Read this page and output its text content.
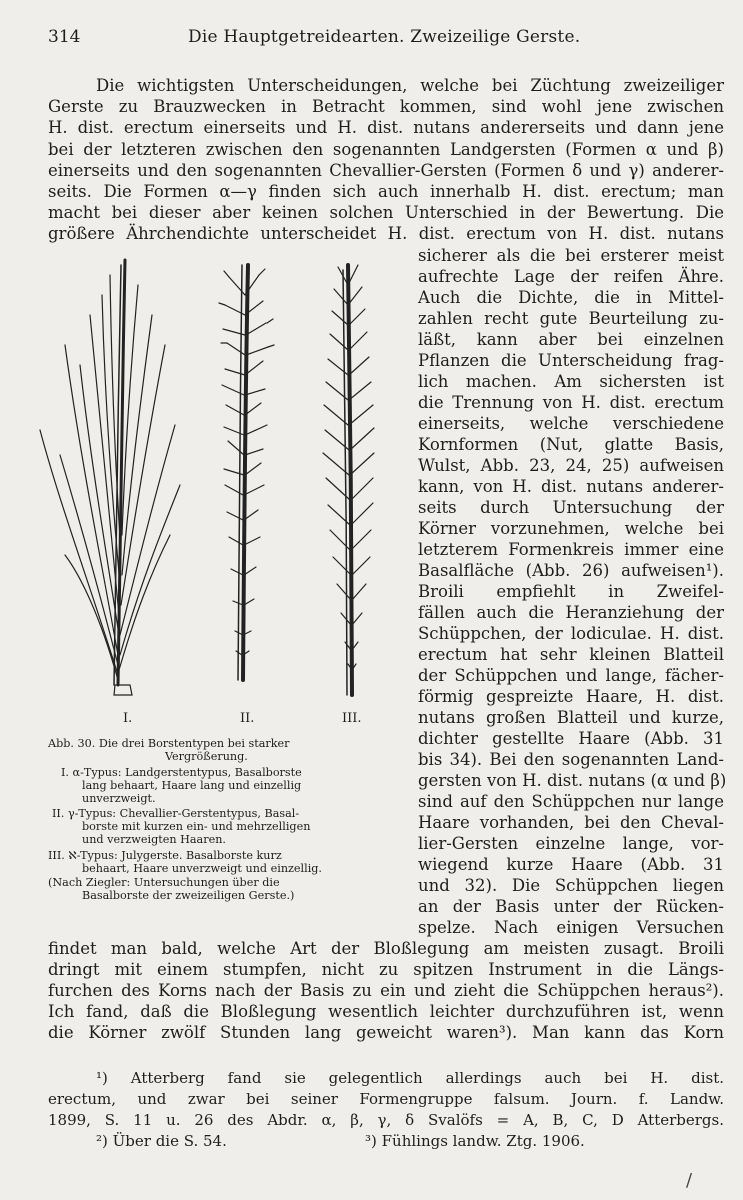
314	Die Hauptgetreidearten. Zweizeilige Gerste.
Die wichtigsten Unterscheidungen, welche bei Züchtung zweizeiliger
Gerste zu Brauzwecken in Betracht kommen, sind wohl jene zwischen
H. dist. erectum einerseits und H. dist. nutans andererseits und dann jene
bei der letzteren zwischen den sogenannten Landgersten (Formen α und β)
einerseits und den sogenannten Chevallier-Gersten (Formen δ und γ) anderer-
seits. Die Formen α—γ finden sich auch innerhalb H. dist. erectum; man
macht bei dieser aber keinen solchen Unterschied in der Bewertung. Die
größere Ährchendichte unterscheidet H. dist. erectum von H. dist. nutans
sicherer als die bei ersterer meist
aufrechte Lage der reifen Ähre.
Auch die Dichte, die in Mittel-
zahlen recht gute Beurteilung zu-
läßt, kann aber bei einzelnen
Pflanzen die Unterscheidung frag-
lich machen. Am sichersten ist
die Trennung von H. dist. erectum
einerseits, welche verschiedene
Kornformen (Nut, glatte Basis,
Wulst, Abb. 23, 24, 25) aufweisen
kann, von H. dist. nutans anderer-
seits durch Untersuchung der
Körner vorzunehmen, welche bei
letzterem Formenkreis immer eine
Basalfläche (Abb. 26) aufweisen¹).
Broili empfiehlt in Zweifel-
fällen auch die Heranziehung der
Schüppchen, der lodiculae. H. dist.
erectum hat sehr kleinen Blatteil
der Schüppchen und lange, fächer-
förmig gespreizte Haare, H. dist.
nutans großen Blatteil und kurze,
dichter gestellte Haare (Abb. 31
bis 34). Bei den sogenannten Land-
gersten von H. dist. nutans (α und β)
sind auf den Schüppchen nur lange
Haare vorhanden, bei den Cheval-
lier-Gersten einzelne lange, vor-
wiegend kurze Haare (Abb. 31
und 32). Die Schüppchen liegen
an der Basis unter der Rücken-
spelze. Nach einigen Versuchen
I.	II.	III.
Abb. 30. Die drei Borstentypen bei starker
Vergrößerung.
I. α-Typus: Landgerstentypus, Basalborste
lang behaart, Haare lang und einzellig
unverzweigt.
II. γ-Typus: Chevallier-Gerstentypus, Basal-
borste mit kurzen ein- und mehrzelligen
und verzweigten Haaren.
III. ℵ-Typus: Julygerste. Basalborste kurz
behaart, Haare unverzweigt und einzellig.
(Nach Ziegler: Untersuchungen über die
Basalborste der zweizeiligen Gerste.)
findet man bald, welche Art der Bloßlegung am meisten zusagt. Broili
dringt mit einem stumpfen, nicht zu spitzen Instrument in die Längs-
furchen des Korns nach der Basis zu ein und zieht die Schüppchen heraus²).
Ich fand, daß die Bloßlegung wesentlich leichter durchzuführen ist, wenn
die Körner zwölf Stunden lang geweicht waren³). Man kann das Korn
¹) Atterberg fand sie gelegentlich allerdings auch bei H. dist.
erectum, und zwar bei seiner Formengruppe falsum. Journ. f. Landw.
1899, S. 11 u. 26 des Abdr. α, β, γ, δ Svalöfs = A, B, C, D Atterbergs.
²) Über die S. 54.	³) Fühlings landw. Ztg. 1906.
/
